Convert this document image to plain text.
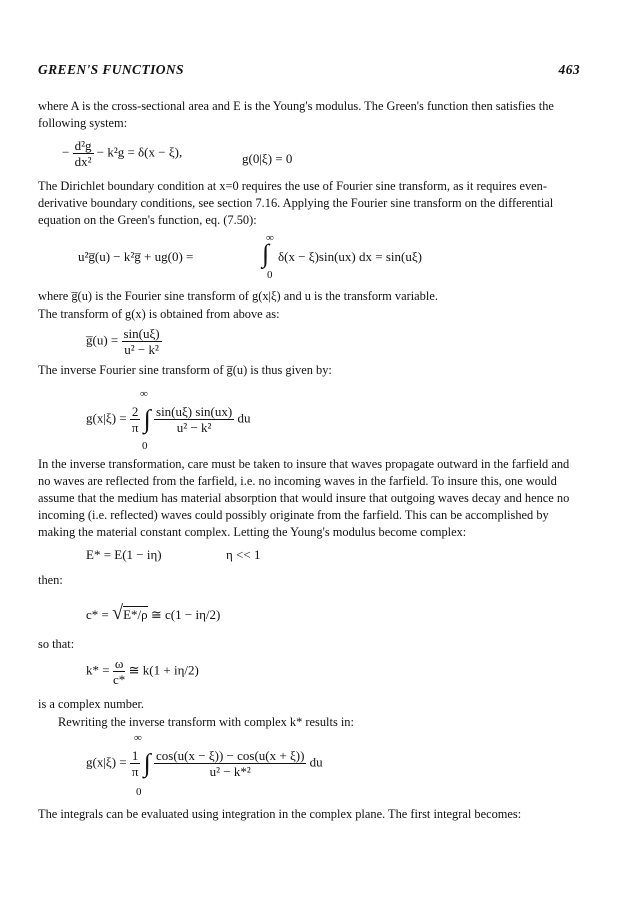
GREEN'S FUNCTIONS	463
where A is the cross-sectional area and E is the Young's modulus. The Green's function then satisfies the following system:
− $\frac{\text{d²g}}{\text{dx²}} - k^2g = \delta(x - \xi)$,	g(0|ξ) = 0
The Dirichlet boundary condition at x=0 requires the use of Fourier sine transform, as it requires even-derivative boundary conditions, see section 7.16. Applying the Fourier sine transform on the differential equation on the Green's function, eq. (7.50):
∞
u²g̅(u) − k²g̅ + ug(0) =	∫ δ(x − ξ)sin(ux) dx = sin(uξ)
0
where g̅(u) is the Fourier sine transform of g(x|ξ) and u is the transform variable.
The transform of g(x) is obtained from above as:
g̅(u) = $\frac{\sin(u\xi)}{\text{u² − k²}}$
The inverse Fourier sine transform of g̅(u) is thus given by:
∞
$g(x|\xi) = \frac{2}{\pi}$ ∫ $\frac{\sin(u\xi) \sin(ux)}{\text{u² − k²}}$ du
0
In the inverse transformation, care must be taken to insure that waves propagate outward in the farfield and no waves are reflected from the farfield, i.e. no incoming waves in the farfield. To insure this, one would assume that the medium has material absorption that would insure that outgoing waves decay and hence no incoming (i.e. reflected) waves could possibly originate from the farfield. This can be accomplished by making the material constant complex. Letting the Young's modulus become complex:
E* = E(1 − iη)	η << 1
then:
c* = √E*/ρ ≅ c(1 − iη/2)
so that:
$k* = \frac{\omega}{c*}$ ≅ k(1 + iη/2)
is a complex number.
Rewriting the inverse transform with complex k* results in:
∞
$g(x|\xi) = \frac{1}{\pi}$ ∫ $\frac{\cos(u(x - \xi)) - \cos(u(x + \xi))}{\text{u² − k*²}}$ du
0
The integrals can be evaluated using integration in the complex plane. The first integral becomes:
